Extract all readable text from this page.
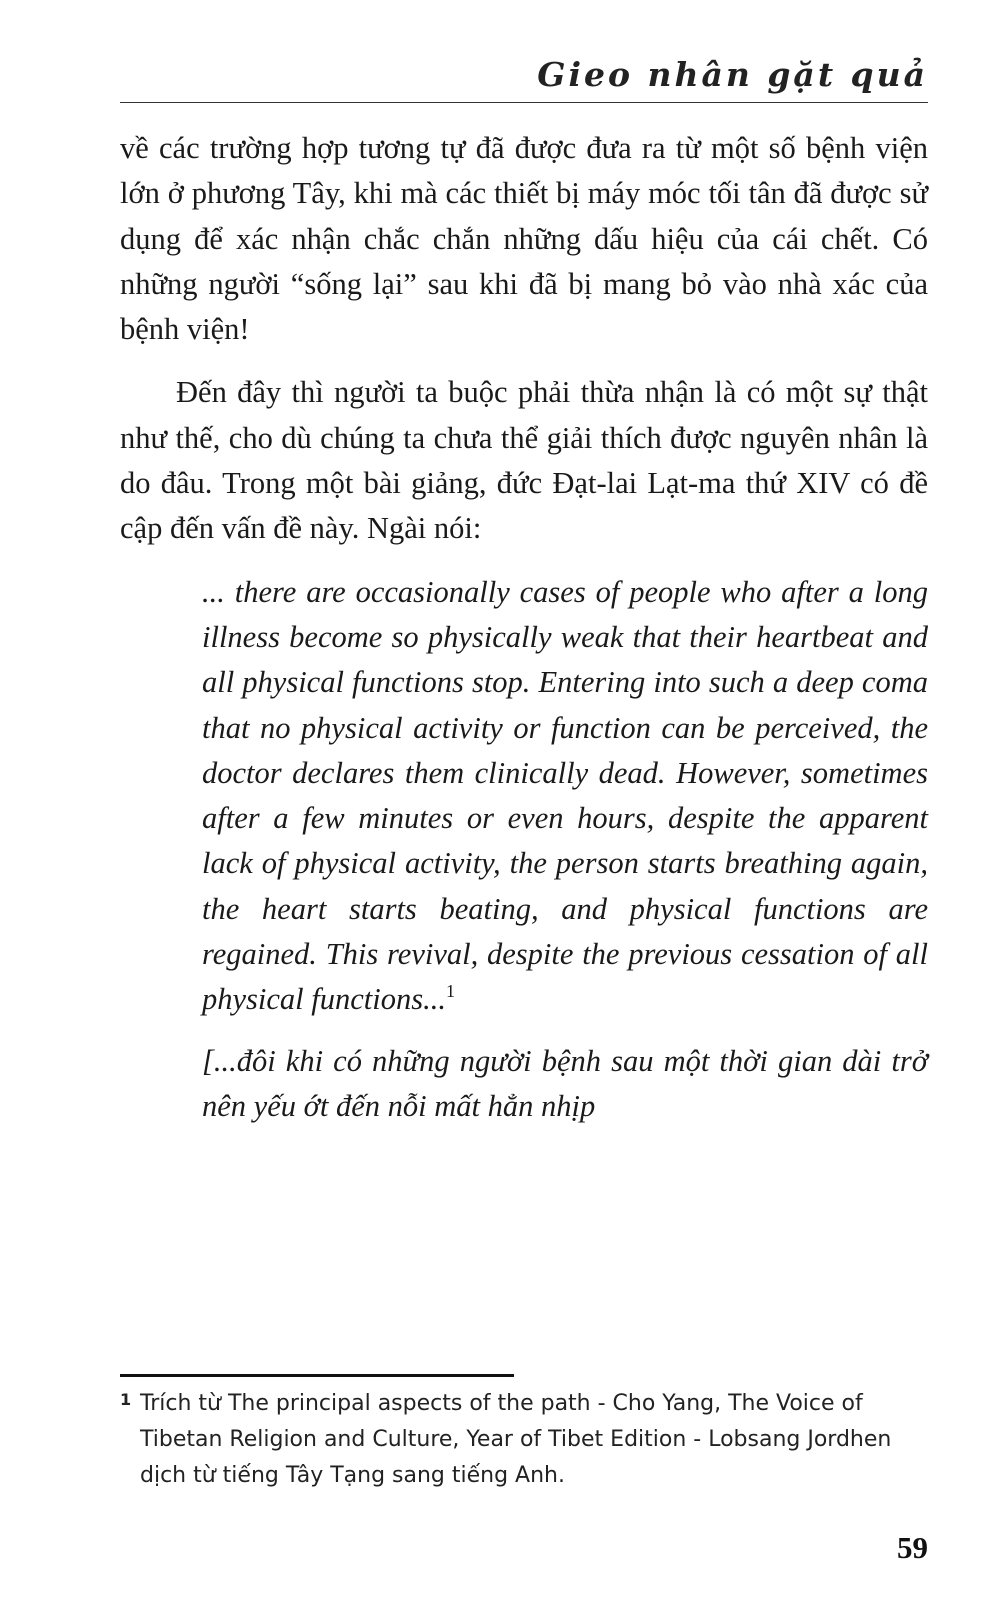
Gieo nhân gặt quả

về các trường hợp tương tự đã được đưa ra từ một số bệnh viện lớn ở phương Tây, khi mà các thiết bị máy móc tối tân đã được sử dụng để xác nhận chắc chắn những dấu hiệu của cái chết. Có những người “sống lại” sau khi đã bị mang bỏ vào nhà xác của bệnh viện!

Đến đây thì người ta buộc phải thừa nhận là có một sự thật như thế, cho dù chúng ta chưa thể giải thích được nguyên nhân là do đâu. Trong một bài giảng, đức Đạt-lai Lạt-ma thứ XIV có đề cập đến vấn đề này. Ngài nói:

... there are occasionally cases of people who after a long illness become so physically weak that their heartbeat and all physical functions stop. Entering into such a deep coma that no physical activity or function can be perceived, the doctor declares them clinically dead. However, sometimes after a few minutes or even hours, despite the apparent lack of physical activity, the person starts breathing again, the heart starts beating, and physical functions are regained. This revival, despite the previous cessation of all physical functions...$^1$

[...đôi khi có những người bệnh sau một thời gian dài trở nên yếu ớt đến nỗi mất hẳn nhịp

1 Trích từ The principal aspects of the path - Cho Yang, The Voice of Tibetan Religion and Culture, Year of Tibet Edition - Lobsang Jordhen dịch từ tiếng Tây Tạng sang tiếng Anh.
59
